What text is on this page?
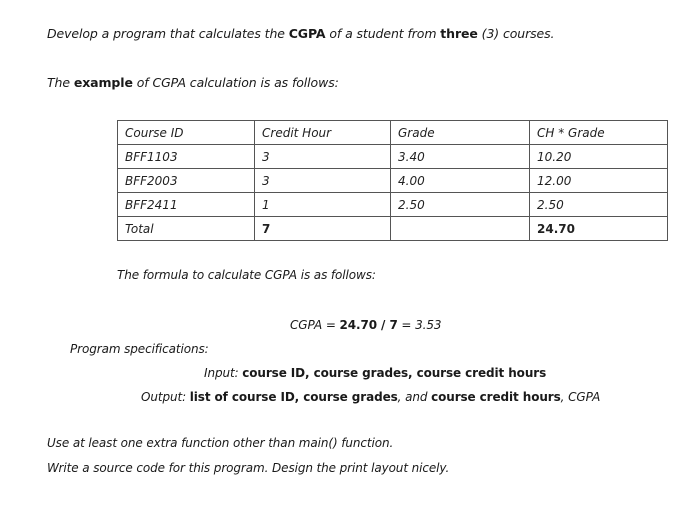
Develop a program that calculates the CGPA of a student from three (3) courses.
The example of CGPA calculation is as follows:
Course ID	Credit Hour	Grade	CH * Grade
BFF1103	3	3.40	10.20
BFF2003	3	4.00	12.00
BFF2411	1	2.50	2.50
Total	7		24.70
The formula to calculate CGPA is as follows:
CGPA = 24.70 / 7 = 3.53
Program specifications:
Input: course ID, course grades, course credit hours
Output: list of course ID, course grades, and course credit hours, CGPA
Use at least one extra function other than main() function.
Write a source code for this program. Design the print layout nicely.
